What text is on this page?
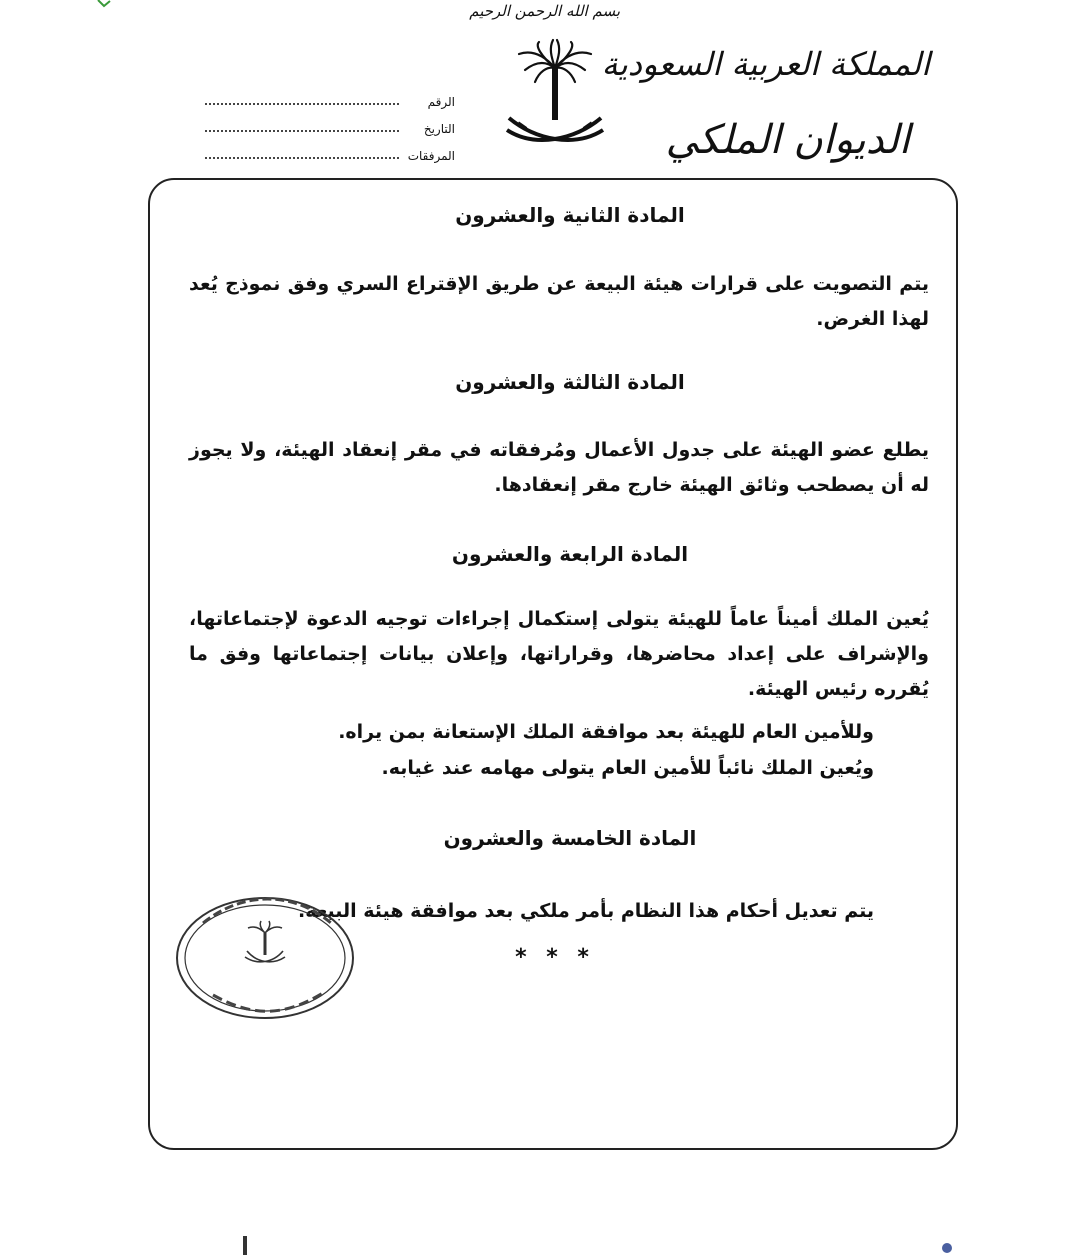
بسم الله الرحمن الرحيم
المملكة العربية السعودية
الديوان الملكي
الرقم
التاريخ
المرفقات
المادة الثانية والعشرون
يتم التصويت على قرارات هيئة البيعة عن طريق الإقتراع السري وفق نموذج يُعد لهذا الغرض.
المادة الثالثة والعشرون
يطلع عضو الهيئة على جدول الأعمال ومُرفقاته في مقر إنعقاد الهيئة، ولا يجوز له أن يصطحب وثائق الهيئة خارج مقر إنعقادها.
المادة الرابعة والعشرون
يُعين الملك أميناً عاماً للهيئة يتولى إستكمال إجراءات توجيه الدعوة لإجتماعاتها، والإشراف على إعداد محاضرها، وقراراتها، وإعلان بيانات إجتماعاتها وفق ما يُقرره رئيس الهيئة.
وللأمين العام للهيئة بعد موافقة الملك الإستعانة بمن يراه.
ويُعين الملك نائباً للأمين العام يتولى مهامه عند غيابه.
المادة الخامسة والعشرون
يتم تعديل أحكام هذا النظام بأمر ملكي بعد موافقة هيئة البيعة.
* * *
